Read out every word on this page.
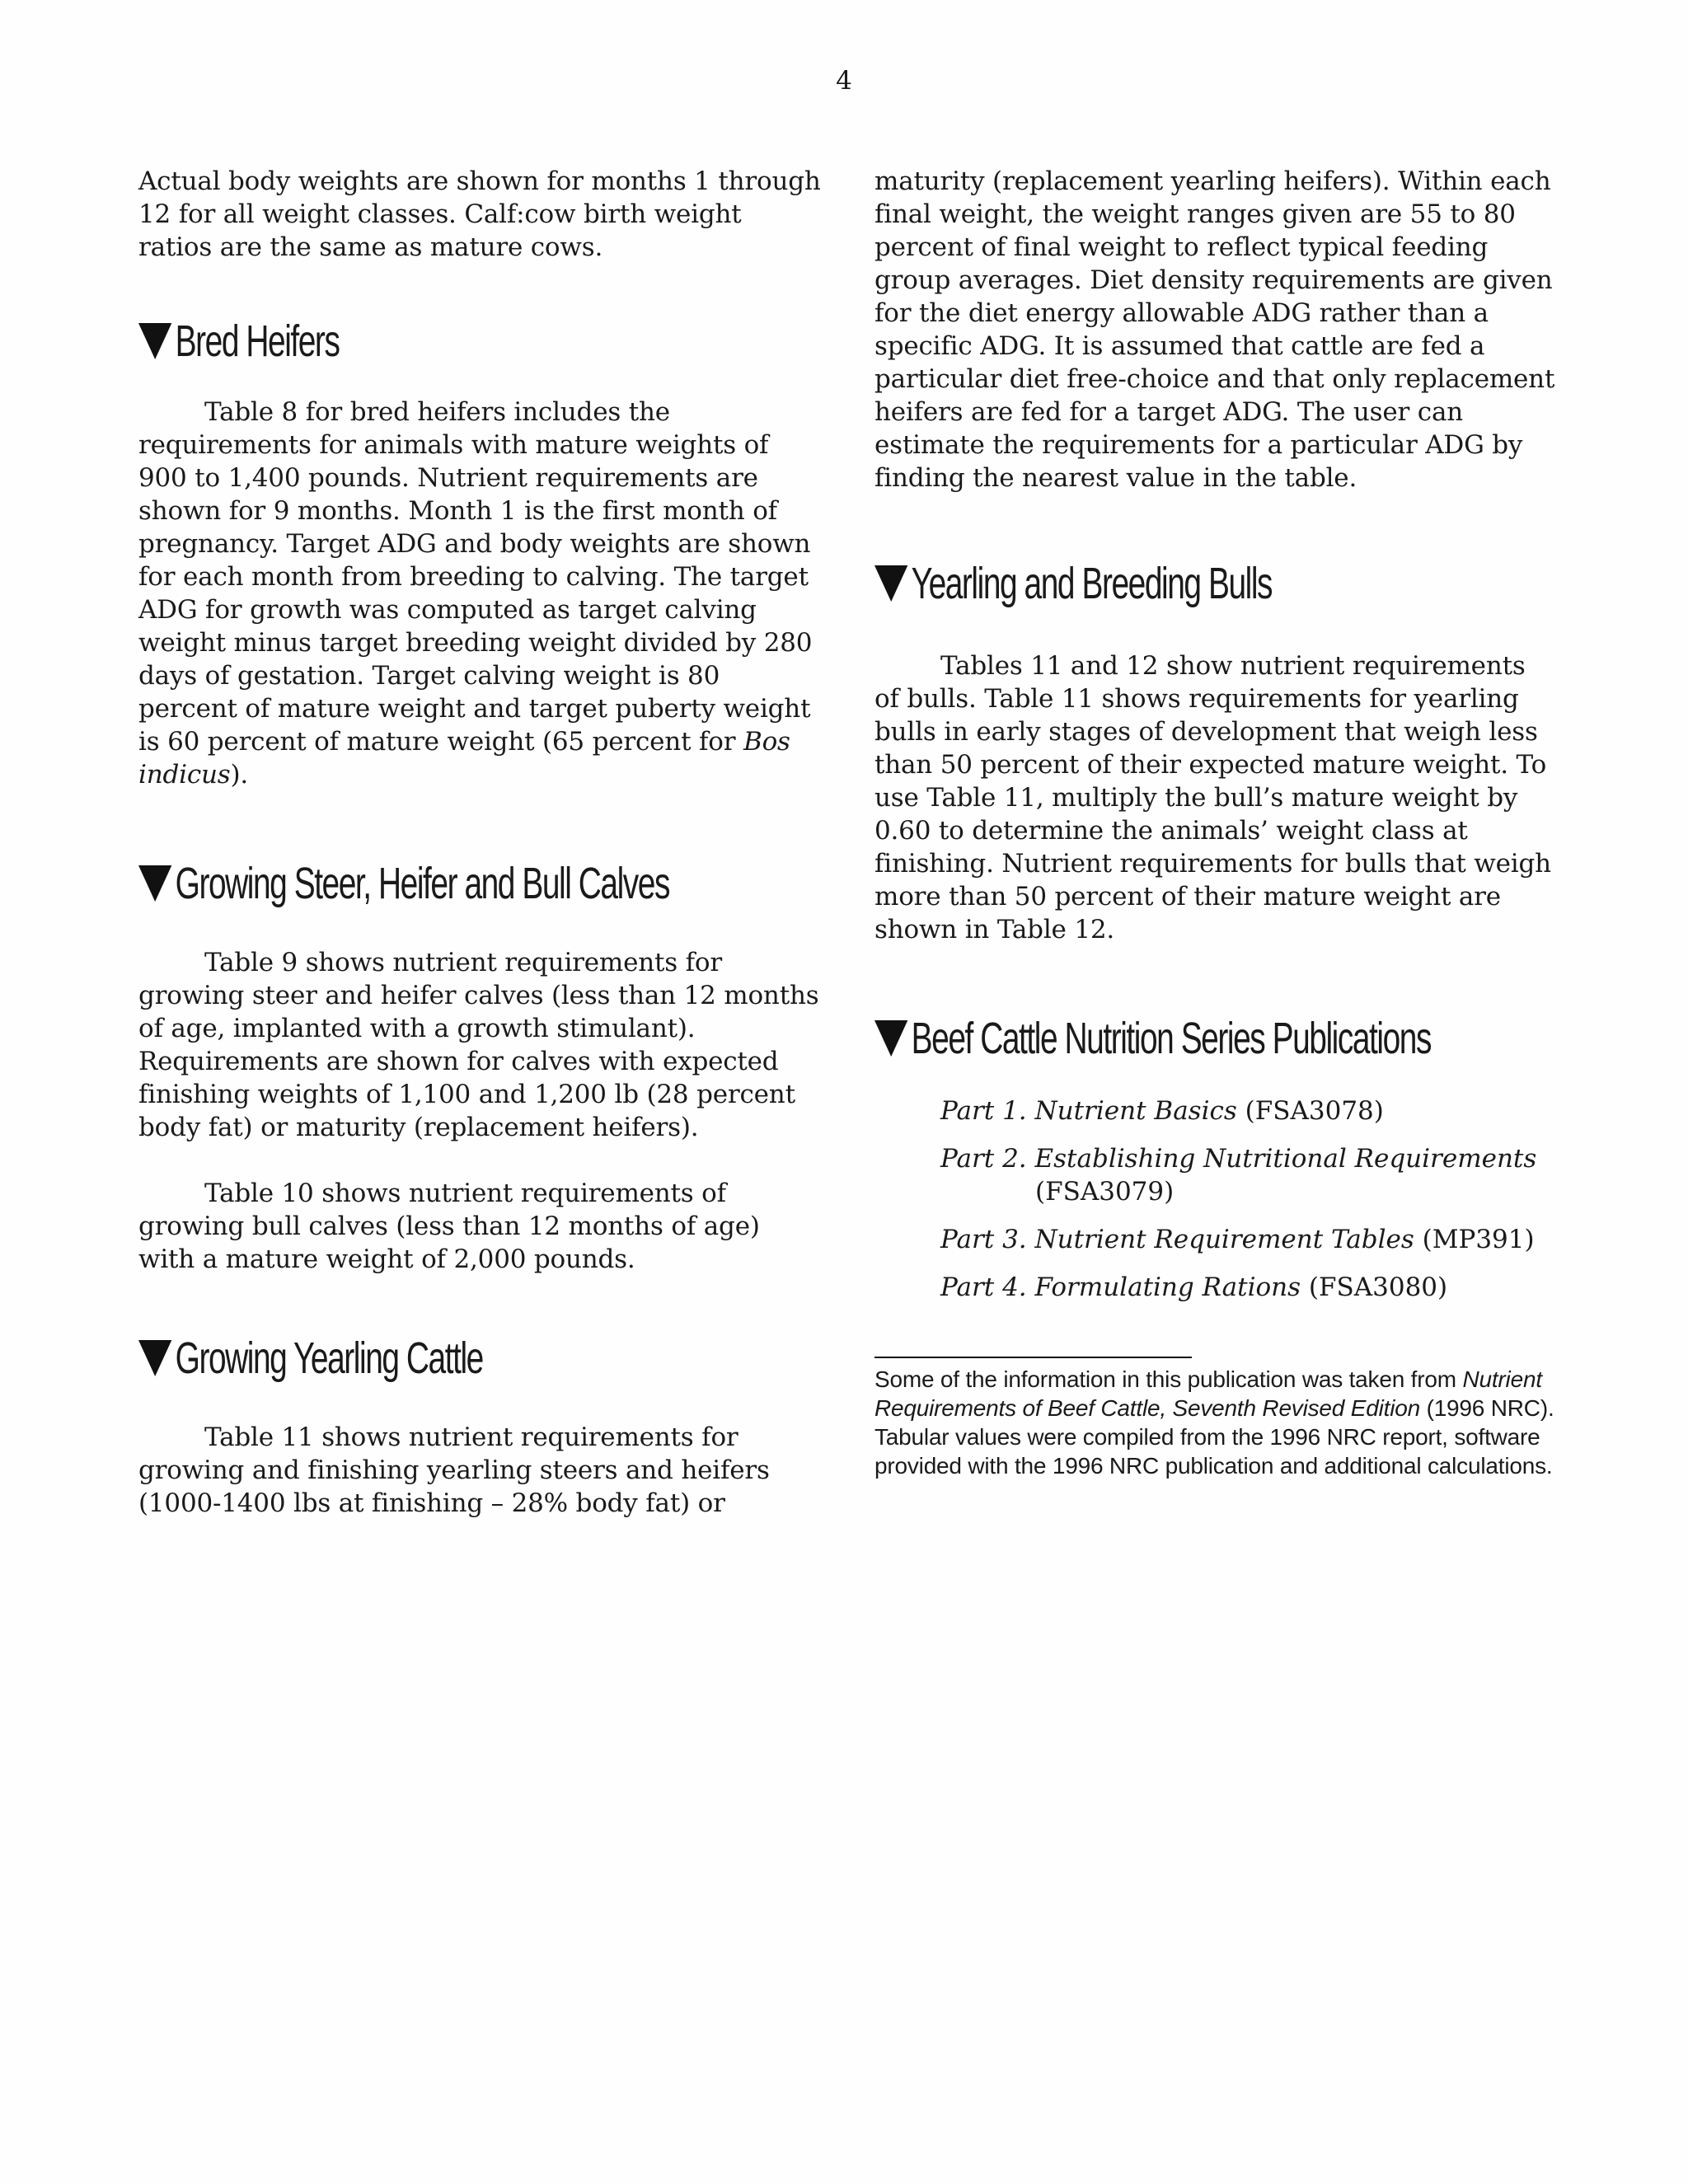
4

Actual body weights are shown for months 1 through 12 for all weight classes. Calf:cow birth weight ratios are the same as mature cows.

Bred Heifers

Table 8 for bred heifers includes the requirements for animals with mature weights of 900 to 1,400 pounds. Nutrient requirements are shown for 9 months. Month 1 is the first month of pregnancy. Target ADG and body weights are shown for each month from breeding to calving. The target ADG for growth was computed as target calving weight minus target breeding weight divided by 280 days of gestation. Target calving weight is 80 percent of mature weight and target puberty weight is 60 percent of mature weight (65 percent for Bos indicus).

Growing Steer, Heifer and Bull Calves

Table 9 shows nutrient requirements for growing steer and heifer calves (less than 12 months of age, implanted with a growth stimulant). Requirements are shown for calves with expected finishing weights of 1,100 and 1,200 lb (28 percent body fat) or maturity (replacement heifers).

Table 10 shows nutrient requirements of growing bull calves (less than 12 months of age) with a mature weight of 2,000 pounds.

Growing Yearling Cattle

Table 11 shows nutrient requirements for growing and finishing yearling steers and heifers (1000-1400 lbs at finishing – 28% body fat) or

maturity (replacement yearling heifers). Within each final weight, the weight ranges given are 55 to 80 percent of final weight to reflect typical feeding group averages. Diet density requirements are given for the diet energy allowable ADG rather than a specific ADG. It is assumed that cattle are fed a particular diet free-choice and that only replacement heifers are fed for a target ADG. The user can estimate the requirements for a particular ADG by finding the nearest value in the table.

Yearling and Breeding Bulls

Tables 11 and 12 show nutrient requirements of bulls. Table 11 shows requirements for yearling bulls in early stages of development that weigh less than 50 percent of their expected mature weight. To use Table 11, multiply the bull’s mature weight by 0.60 to determine the animals’ weight class at finishing. Nutrient requirements for bulls that weigh more than 50 percent of their mature weight are shown in Table 12.

Beef Cattle Nutrition Series Publications
Part 1. Nutrient Basics (FSA3078)
Part 2. Establishing Nutritional Requirements
(FSA3079)
Part 3. Nutrient Requirement Tables (MP391)
Part 4. Formulating Rations (FSA3080)

Some of the information in this publication was taken from Nutrient Requirements of Beef Cattle, Seventh Revised Edition (1996 NRC). Tabular values were compiled from the 1996 NRC report, software provided with the 1996 NRC publication and additional calculations.
